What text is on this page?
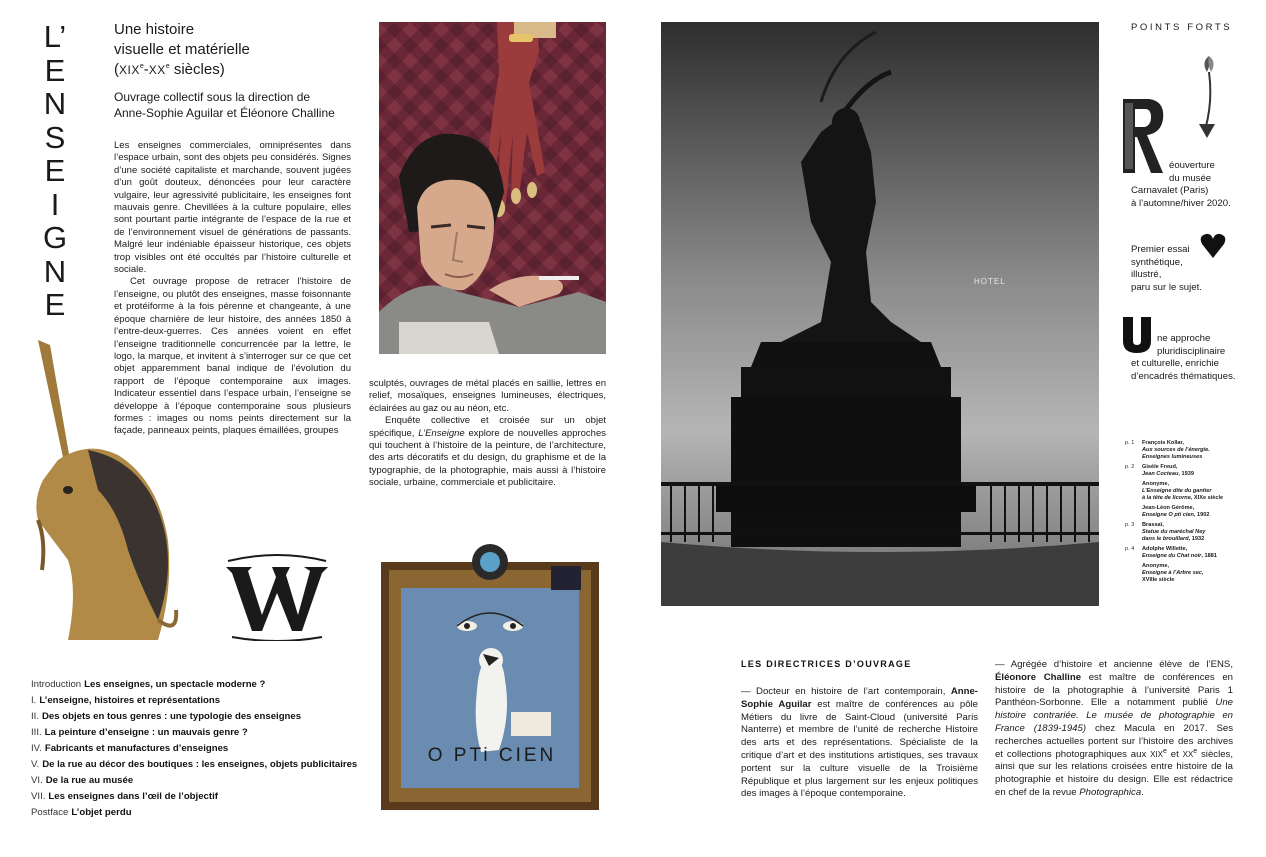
L’
E
N
S
E
I
G
N
E
Une histoire
visuelle et matérielle
(XIXe-XXe siècles)
Ouvrage collectif sous la direction de
Anne-Sophie Aguilar et Éléonore Challine

Les enseignes commerciales, omniprésentes dans l’espace urbain, sont des objets peu considérés. Signes d’une société capitaliste et marchande, souvent jugées d’un goût douteux, dénoncées pour leur caractère vulgaire, leur agressivité publicitaire, les enseignes font mauvais genre. Chevillées à la culture populaire, elles sont pourtant partie intégrante de l’espace de la rue et de l’environnement visuel de générations de passants. Malgré leur indéniable épaisseur historique, ces objets trop visibles ont été occultés par l’histoire culturelle et sociale.

Cet ouvrage propose de retracer l’histoire de l’enseigne, ou plutôt des enseignes, masse foisonnante et protéiforme à la fois pérenne et changeante, à une époque charnière de leur histoire, des années 1850 à l’entre-deux-guerres. Ces années voient en effet l’enseigne traditionnelle concurrencée par la lettre, le logo, la marque, et invitent à s’interroger sur ce que cet objet apparemment banal indique de l’évolution du rapport de l’époque contemporaine aux images. Indicateur essentiel dans l’espace urbain, l’enseigne se développe à l’époque contemporaine sous plusieurs formes : images ou noms peints directement sur la façade, panneaux peints, plaques émaillées, groupes

sculptés, ouvrages de métal placés en saillie, lettres en relief, mosaïques, enseignes lumineuses, électriques, éclairées au gaz ou au néon, etc.

Enquête collective et croisée sur un objet spécifique, L’Enseigne explore de nouvelles approches qui touchent à l’histoire de la peinture, de l’architecture, des arts décoratifs et du design, du graphisme et de la typographie, de la photographie, mais aussi à l’histoire sociale, urbaine, commerciale et publicitaire.

HOTEL
O PTi CIEN
Introduction Les enseignes, un spectacle moderne ?
I. L’enseigne, histoires et représentations
II. Des objets en tous genres : une typologie des enseignes
III. La peinture d’enseigne : un mauvais genre ?
IV. Fabricants et manufactures d’enseignes
V. De la rue au décor des boutiques : les enseignes, objets publicitaires
VI. De la rue au musée
VII. Les enseignes dans l’œil de l’objectif
Postface L’objet perdu
POINTS FORTS
éouverture
du musée
Carnavalet (Paris)
à l’automne/hiver 2020.
Premier essai
synthétique,
illustré,
paru sur le sujet.
ne approche
pluridisciplinaire
et culturelle, enrichie
d’encadrés thématiques.
p. 1	François Kollar,
Aux sources de l’énergie.
Enseignes lumineuses
p. 2	Gisèle Freud,
Jean Cocteau, 1939
Anonyme,
L’Enseigne dite du gantier
à la tête de licorne, XIXe siècle
Jean-Léon Gérôme,
Enseigne O pti cien, 1902
p. 3	Brassaï,
Statue du maréchal Ney
dans le brouillard, 1932
p. 4	Adolphe Willette,
Enseigne du Chat noir, 1881
Anonyme,
Enseigne à l’Arbre sec,
XVIIIe siècle
LES DIRECTRICES D’OUVRAGE
— Docteur en histoire de l’art contemporain, Anne-Sophie Aguilar est maître de conférences au pôle Métiers du livre de Saint-Cloud (université Paris Nanterre) et membre de l’unité de recherche Histoire des arts et des représentations. Spécialiste de la critique d’art et des institutions artistiques, ses travaux portent sur la culture visuelle de la Troisième République et plus largement sur les enjeux politiques des images à l’époque contemporaine.
— Agrégée d’histoire et ancienne élève de l’ENS, Éléonore Challine est maître de conférences en histoire de la photographie à l’université Paris 1 Panthéon-Sorbonne. Elle a notamment publié Une histoire contrariée. Le musée de photographie en France (1839-1945) chez Macula en 2017. Ses recherches actuelles portent sur l’histoire des archives et collections photographiques aux XIXe et XXe siècles, ainsi que sur les relations croisées entre histoire de la photographie et histoire du design. Elle est rédactrice en chef de la revue Photographica.
